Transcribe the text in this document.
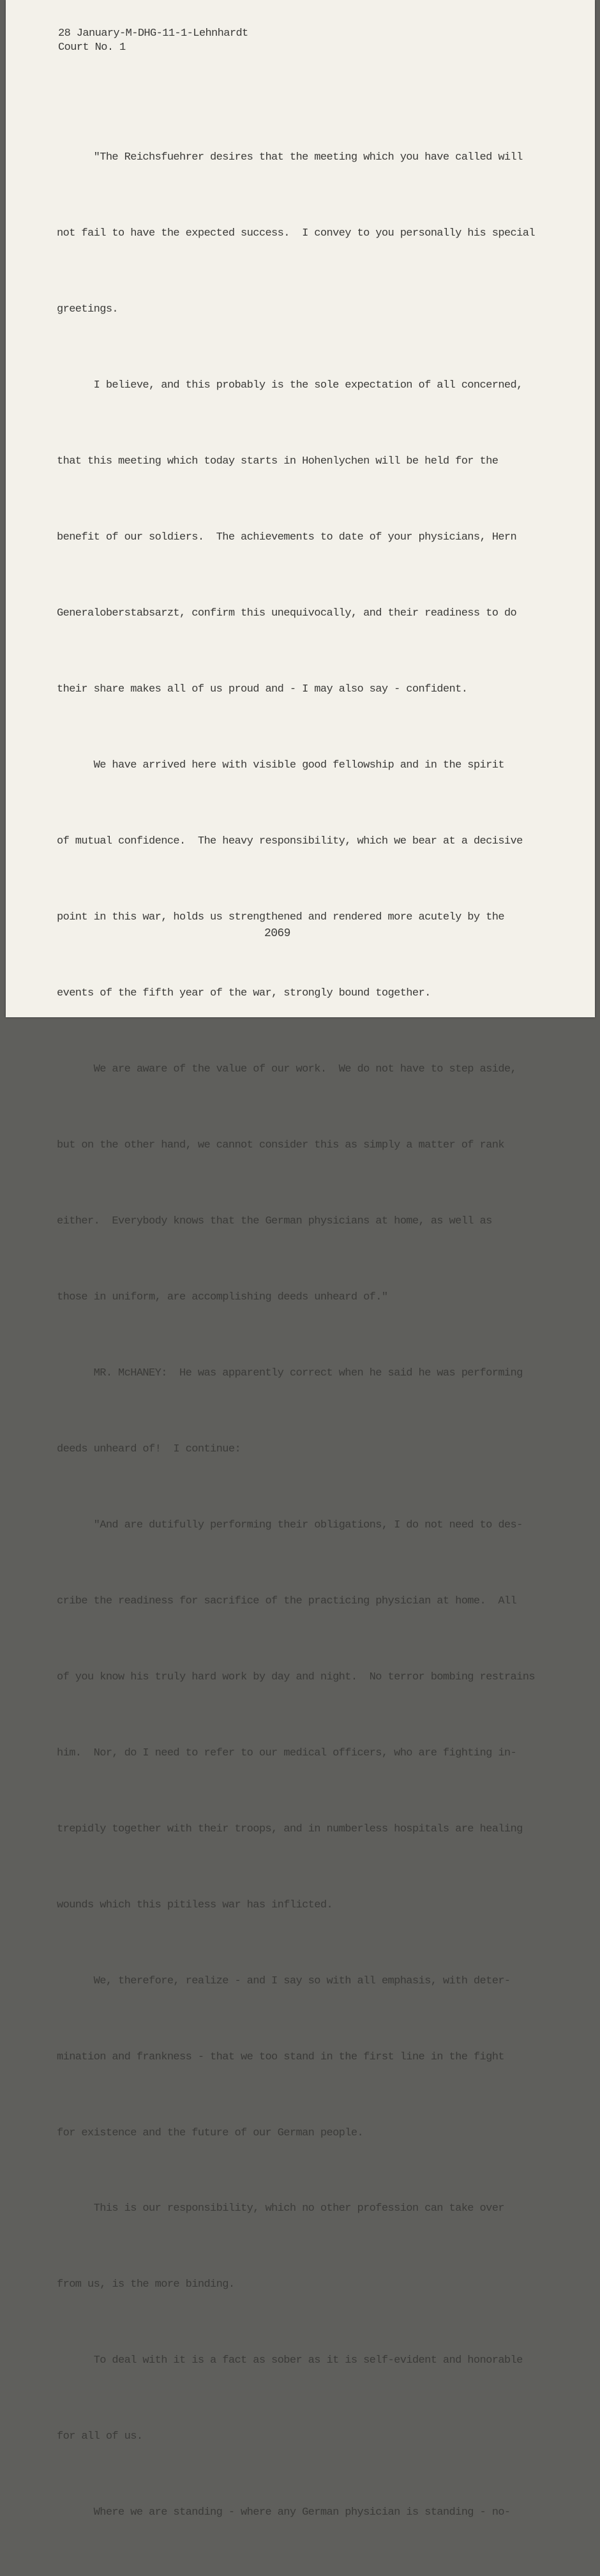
28 January-M-DHG-11-1-Lehnhardt
Court No. 1

"The Reichsfuehrer desires that the meeting which you have called will

not fail to have the expected success.  I convey to you personally his special

greetings.

I believe, and this probably is the sole expectation of all concerned,

that this meeting which today starts in Hohenlychen will be held for the

benefit of our soldiers.  The achievements to date of your physicians, Hern

Generaloberstabsarzt, confirm this unequivocally, and their readiness to do

their share makes all of us proud and - I may also say - confident.

We have arrived here with visible good fellowship and in the spirit

of mutual confidence.  The heavy responsibility, which we bear at a decisive

point in this war, holds us strengthened and rendered more acutely by the

events of the fifth year of the war, strongly bound together.

We are aware of the value of our work.  We do not have to step aside,

but on the other hand, we cannot consider this as simply a matter of rank

either.  Everybody knows that the German physicians at home, as well as

those in uniform, are accomplishing deeds unheard of."

MR. McHANEY:  He was apparently correct when he said he was performing

deeds unheard of!  I continue:

"And are dutifully performing their obligations, I do not need to des-

cribe the readiness for sacrifice of the practicing physician at home.  All

of you know his truly hard work by day and night.  No terror bombing restrains

him.  Nor, do I need to refer to our medical officers, who are fighting in-

trepidly together with their troops, and in numberless hospitals are healing

wounds which this pitiless war has inflicted.

We, therefore, realize - and I say so with all emphasis, with deter-

mination and frankness - that we too stand in the first line in the fight

for existence and the future of our German people.

This is our responsibility, which no other profession can take over

from us, is the more binding.

To deal with it is a fact as sober as it is self-evident and honorable

for all of us.

Where we are standing - where any German physician is standing - no-

2069
